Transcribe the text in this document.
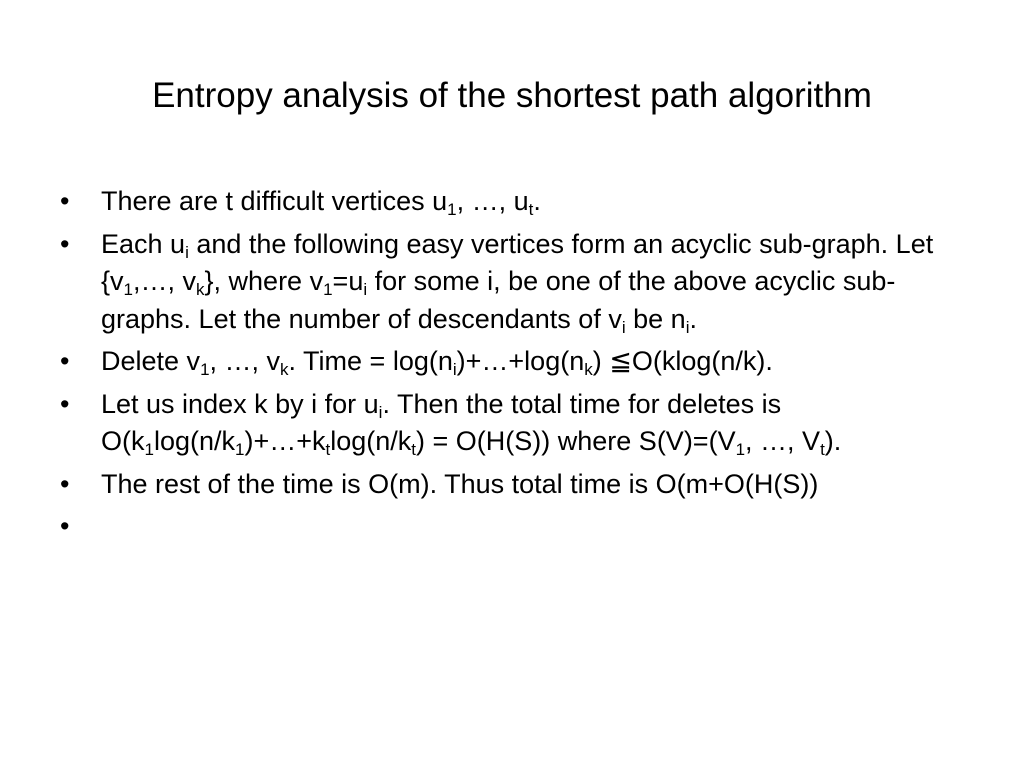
Entropy analysis of the shortest path algorithm
•	There are t difficult vertices $u_1$, …, $u_t$.
•	Each $u_i$ and the following easy vertices form an acyclic sub-graph. Let {$v_1,\dots$, $v_k$}, where $v_1=u_i$ for some i, be one of the above acyclic sub-graphs. Let the number of descendants of $v_i$ be $n_i$.
•	Delete $v_1$, …, $v_k$. Time = $\log(n_i)+\dots+\log(n_k)$ ≦O(klog(n/k).
•	Let us index k by i for $u_i$. Then the total time for deletes is $O(k_1\log(n/k_1)+\dots+k_t\log(n/k_t) = O(H(S))$ where $S(V)=(V_1$, …, $V_t$).
•	The rest of the time is O(m). Thus total time is O(m+O(H(S))
•
